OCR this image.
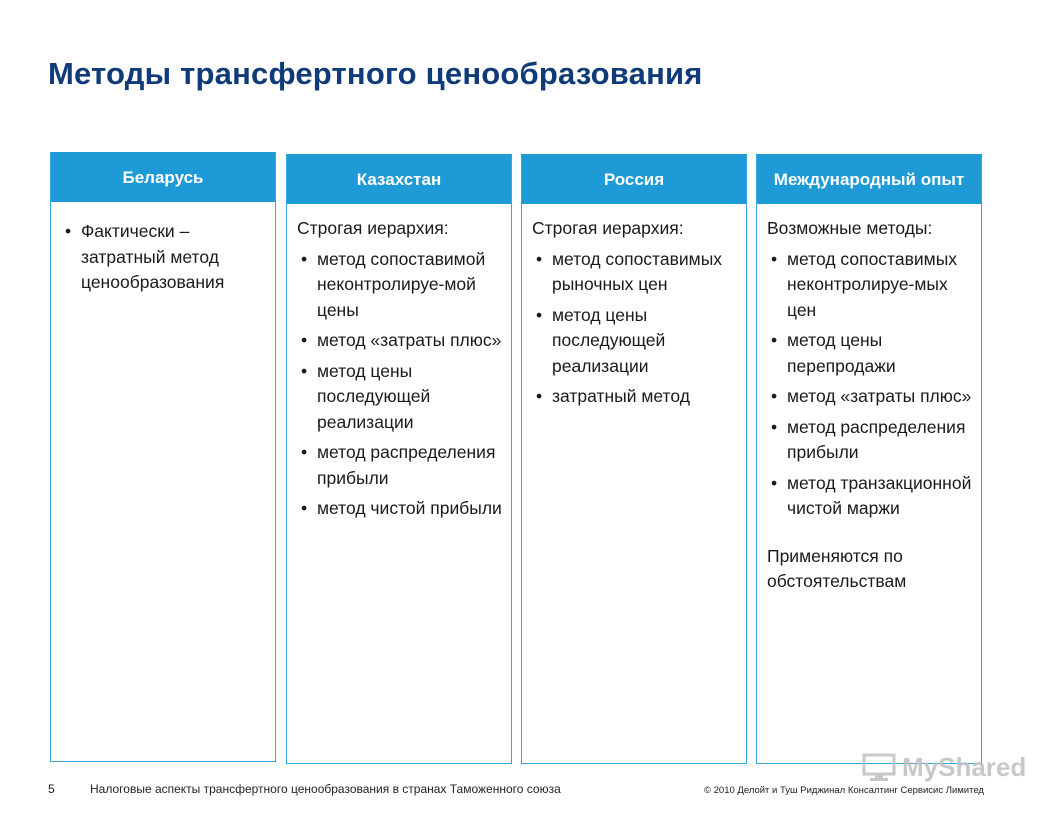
Методы трансфертного ценообразования
Беларусь
• Фактически – затратный метод ценообразования
Казахстан
Строгая иерархия:
• метод сопоставимой неконтролируе-мой цены
• метод «затраты плюс»
• метод цены последующей реализации
• метод распределения прибыли
• метод чистой прибыли
Россия
Строгая иерархия:
• метод сопоставимых рыночных цен
• метод цены последующей реализации
• затратный метод
Международный опыт
Возможные методы:
• метод сопоставимых неконтролируе-мых цен
• метод цены перепродажи
• метод «затраты плюс»
• метод распределения прибыли
• метод транзакционной чистой маржи
Применяются по обстоятельствам
5	Налоговые аспекты трансфертного ценообразования в странах Таможенного союза	© 2010 Делойт и Туш Риджинал Консалтинг Сервисис Лимитед
MyShared
